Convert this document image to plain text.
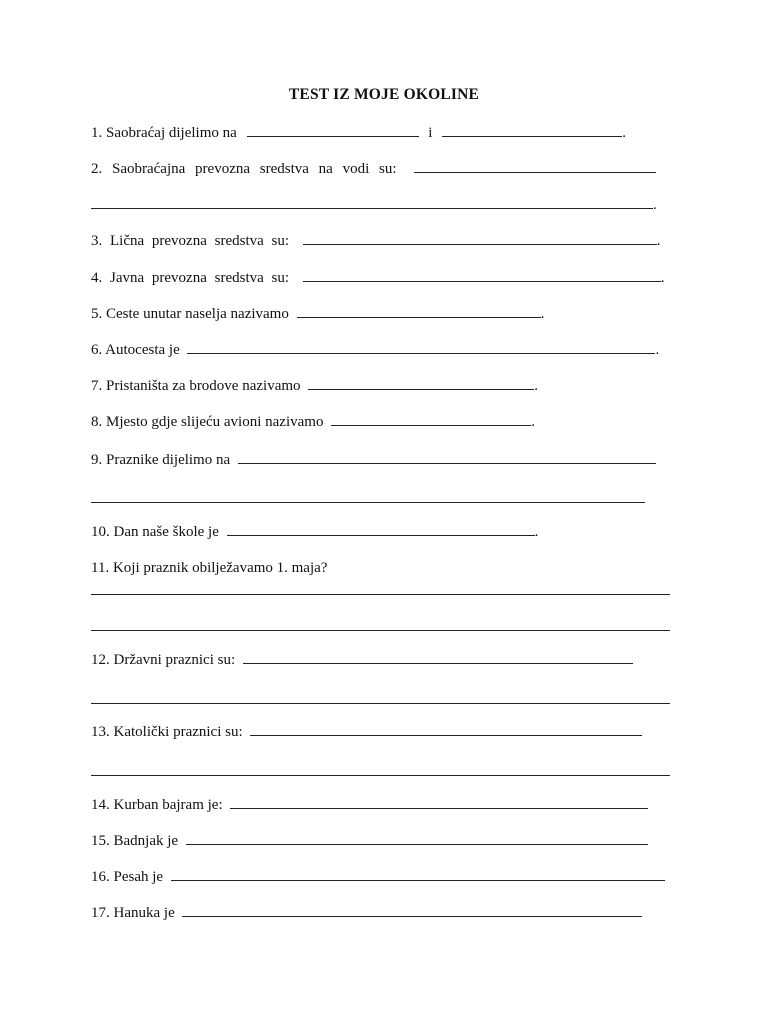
TEST IZ MOJE OKOLINE
1. Saobraćaj dijelimo na	i	.
2. Saobraćajna prevozna sredstva na vodi su:
.
3. Lična prevozna sredstva su:	.
4. Javna prevozna sredstva su:	.
5. Ceste unutar naselja nazivamo	.
6. Autocesta je	.
7. Pristaništa za brodove nazivamo	.
8. Mjesto gdje slijeću avioni nazivamo	.
9. Praznike dijelimo na
10. Dan naše škole je	.
11. Koji praznik obilježavamo 1. maja?
12. Državni praznici su:
13. Katolički praznici su:
14. Kurban bajram je:
15. Badnjak je
16. Pesah je
17. Hanuka je
